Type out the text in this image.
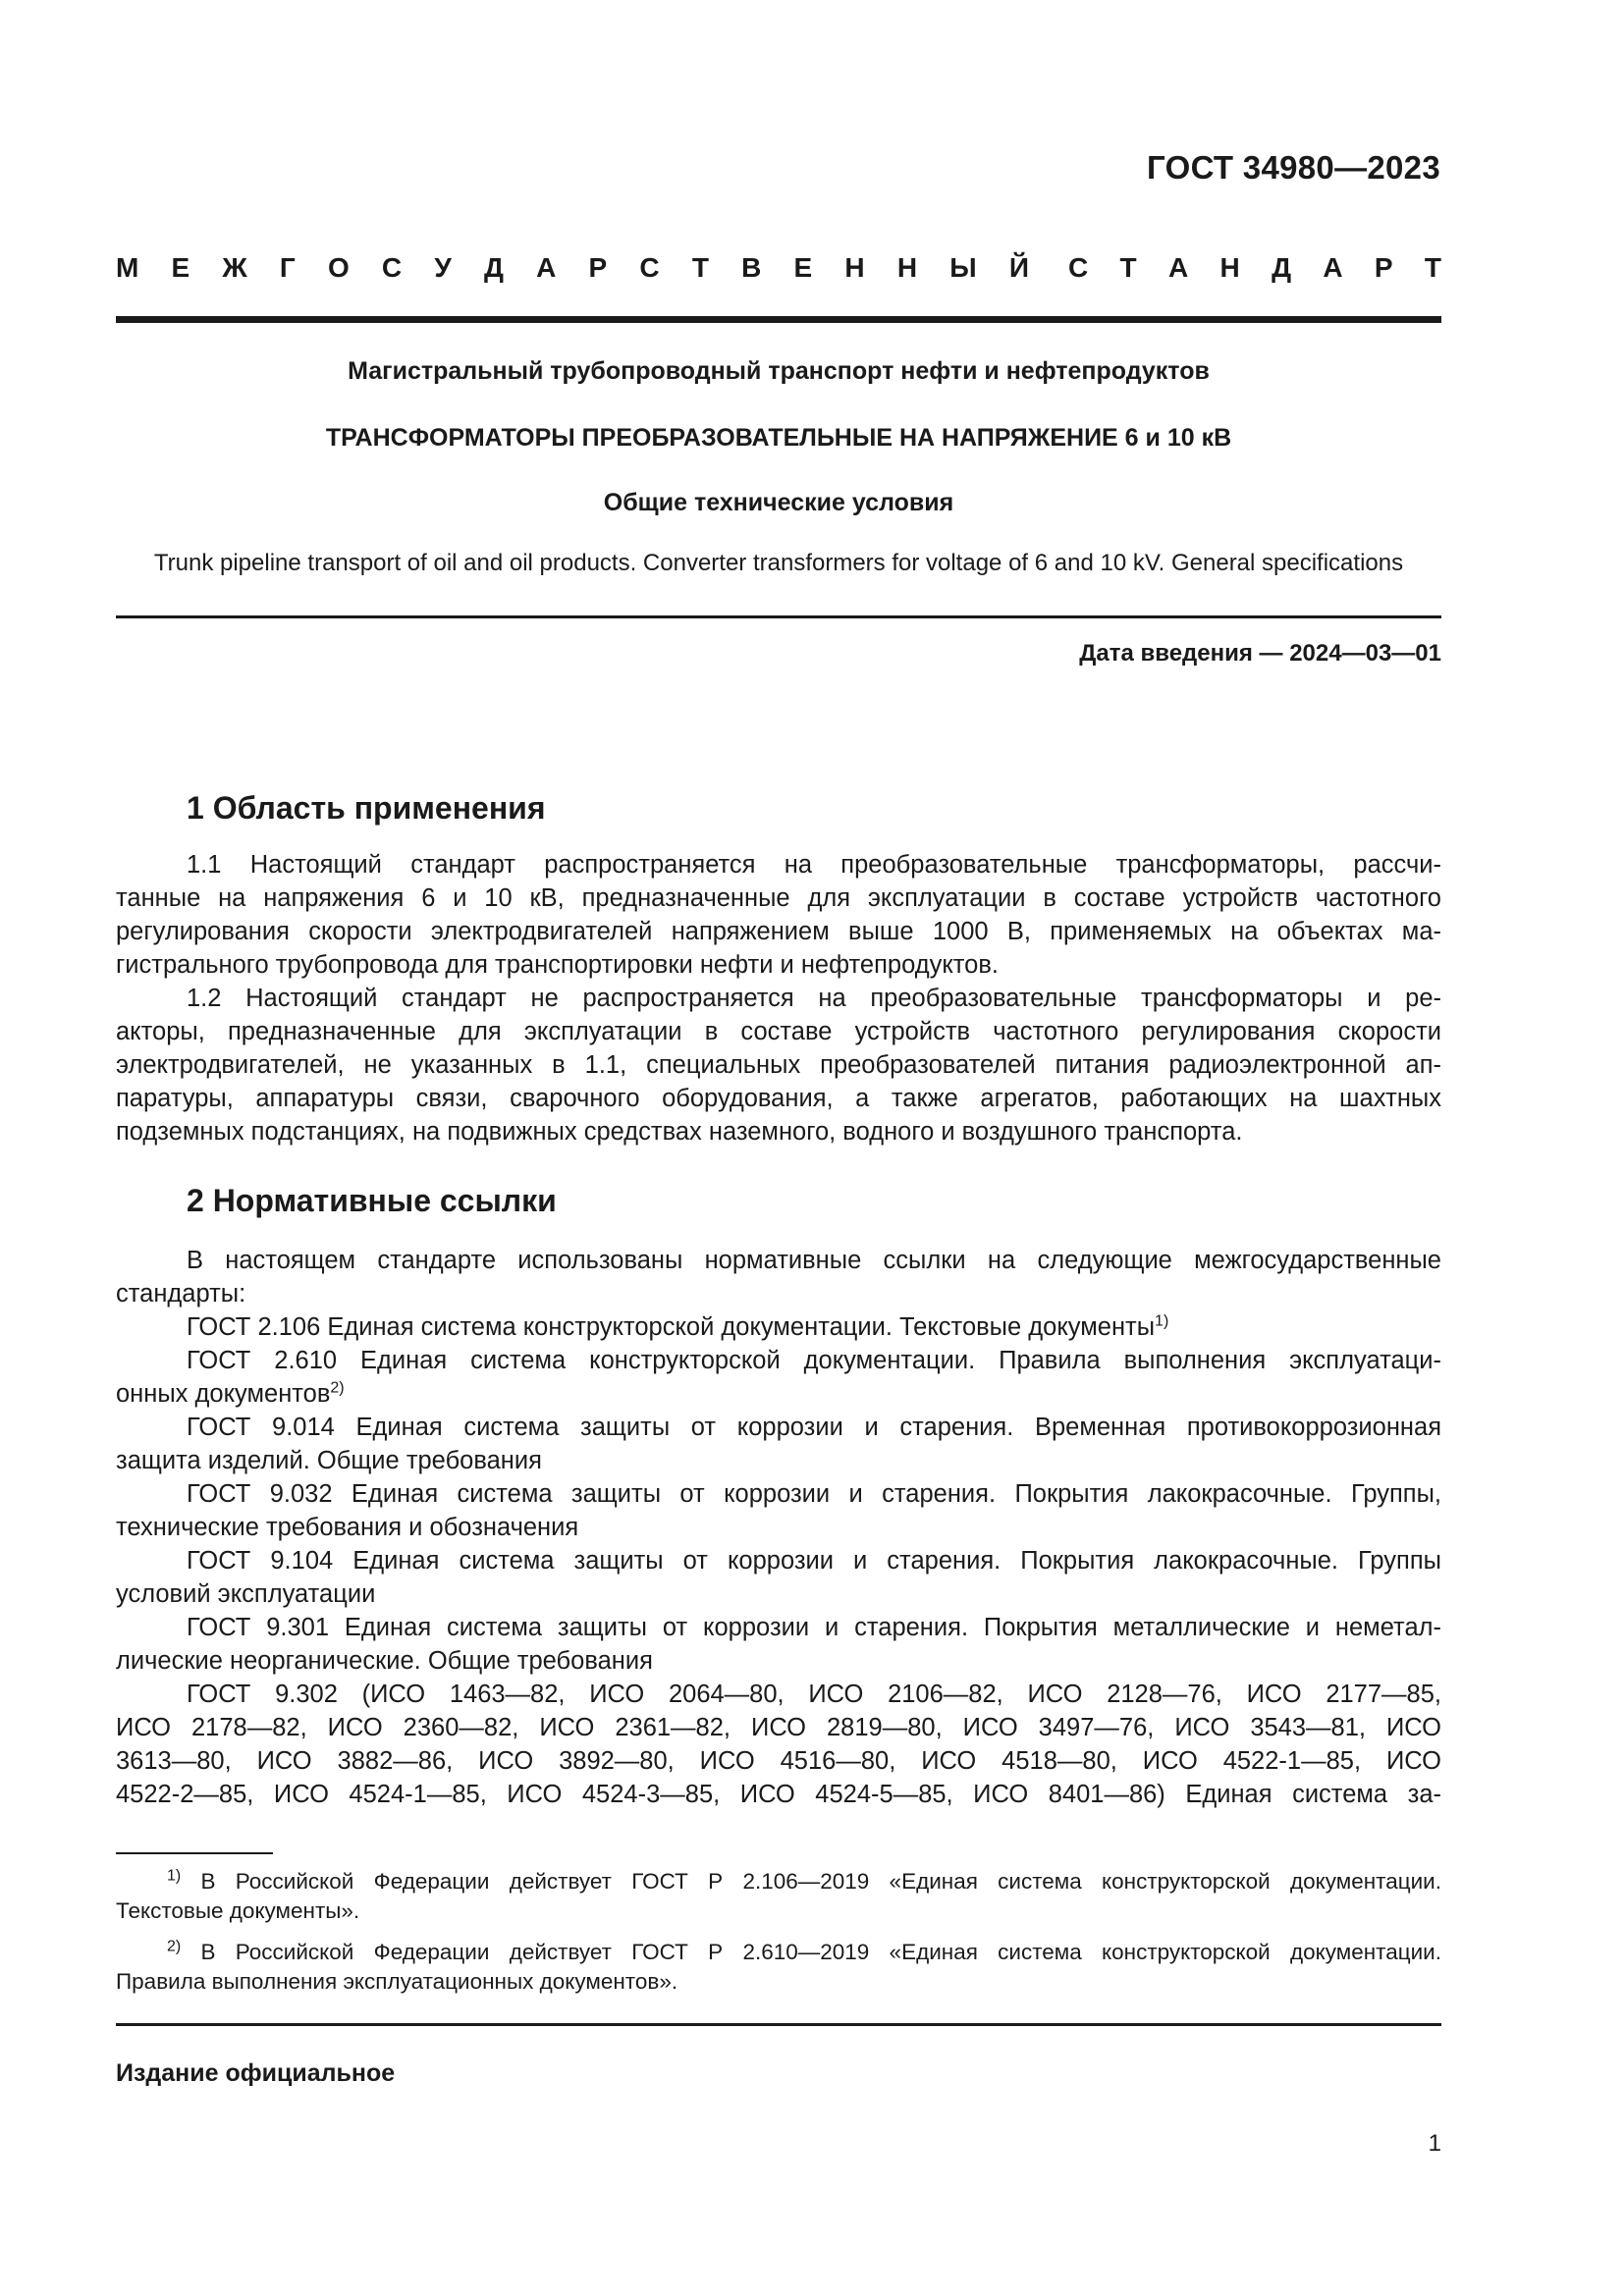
ГОСТ 34980—2023
М Е Ж Г О С У Д А Р С Т В Е Н Н Ы Й С Т А Н Д А Р Т
Магистральный трубопроводный транспорт нефти и нефтепродуктов
ТРАНСФОРМАТОРЫ ПРЕОБРАЗОВАТЕЛЬНЫЕ НА НАПРЯЖЕНИЕ 6 и 10 кВ
Общие технические условия
Trunk pipeline transport of oil and oil products. Converter transformers for voltage of 6 and 10 kV. General specifications
Дата введения — 2024—03—01
1 Область применения
1.1 Настоящий стандарт распространяется на преобразовательные трансформаторы, рассчи-
танные на напряжения 6 и 10 кВ, предназначенные для эксплуатации в составе устройств частотного
регулирования скорости электродвигателей напряжением выше 1000 В, применяемых на объектах ма-
гистрального трубопровода для транспортировки нефти и нефтепродуктов.
1.2 Настоящий стандарт не распространяется на преобразовательные трансформаторы и ре-
акторы, предназначенные для эксплуатации в составе устройств частотного регулирования скорости
электродвигателей, не указанных в 1.1, специальных преобразователей питания радиоэлектронной ап-
паратуры, аппаратуры связи, сварочного оборудования, а также агрегатов, работающих на шахтных
подземных подстанциях, на подвижных средствах наземного, водного и воздушного транспорта.
2 Нормативные ссылки
В настоящем стандарте использованы нормативные ссылки на следующие межгосударственные
стандарты:
ГОСТ 2.106 Единая система конструкторской документации. Текстовые документы$^{1)}$
ГОСТ 2.610 Единая система конструкторской документации. Правила выполнения эксплуатаци-
онных документов$^{2)}$
ГОСТ 9.014 Единая система защиты от коррозии и старения. Временная противокоррозионная
защита изделий. Общие требования
ГОСТ 9.032 Единая система защиты от коррозии и старения. Покрытия лакокрасочные. Группы,
технические требования и обозначения
ГОСТ 9.104 Единая система защиты от коррозии и старения. Покрытия лакокрасочные. Группы
условий эксплуатации
ГОСТ 9.301 Единая система защиты от коррозии и старения. Покрытия металлические и неметал-
лические неорганические. Общие требования
ГОСТ 9.302 (ИСО 1463—82, ИСО 2064—80, ИСО 2106—82, ИСО 2128—76, ИСО 2177—85,
ИСО 2178—82, ИСО 2360—82, ИСО 2361—82, ИСО 2819—80, ИСО 3497—76, ИСО 3543—81, ИСО
3613—80, ИСО 3882—86, ИСО 3892—80, ИСО 4516—80, ИСО 4518—80, ИСО 4522-1—85, ИСО
4522-2—85, ИСО 4524-1—85, ИСО 4524-3—85, ИСО 4524-5—85, ИСО 8401—86) Единая система за-
$^{1)}$ В Российской Федерации действует ГОСТ Р 2.106—2019 «Единая система конструкторской документации.
Текстовые документы».
$^{2)}$ В Российской Федерации действует ГОСТ Р 2.610—2019 «Единая система конструкторской документации.
Правила выполнения эксплуатационных документов».
Издание официальное
1
